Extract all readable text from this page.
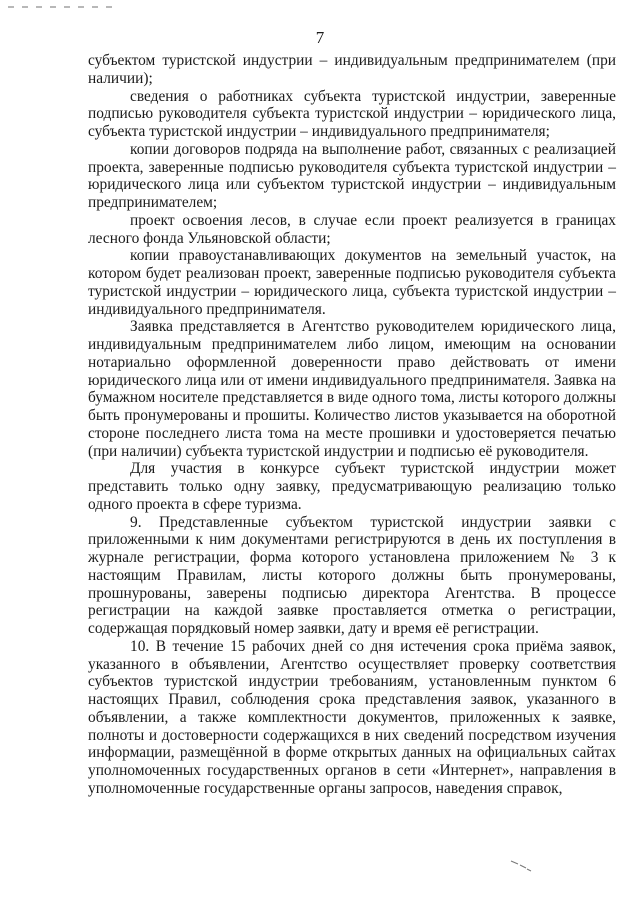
7

субъектом туристской индустрии – индивидуальным предпринимателем (при наличии);

сведения о работниках субъекта туристской индустрии, заверенные подписью руководителя субъекта туристской индустрии – юридического лица, субъекта туристской индустрии – индивидуального предпринимателя;

копии договоров подряда на выполнение работ, связанных с реализацией проекта, заверенные подписью руководителя субъекта туристской индустрии – юридического лица или субъектом туристской индустрии – индивидуальным предпринимателем;

проект освоения лесов, в случае если проект реализуется в границах лесного фонда Ульяновской области;

копии правоустанавливающих документов на земельный участок, на котором будет реализован проект, заверенные подписью руководителя субъекта туристской индустрии – юридического лица, субъекта туристской индустрии – индивидуального предпринимателя.

Заявка представляется в Агентство руководителем юридического лица, индивидуальным предпринимателем либо лицом, имеющим на основании нотариально оформленной доверенности право действовать от имени юридического лица или от имени индивидуального предпринимателя. Заявка на бумажном носителе представляется в виде одного тома, листы которого должны быть пронумерованы и прошиты. Количество листов указывается на оборотной стороне последнего листа тома на месте прошивки и удостоверяется печатью (при наличии) субъекта туристской индустрии и подписью её руководителя.

Для участия в конкурсе субъект туристской индустрии может представить только одну заявку, предусматривающую реализацию только одного проекта в сфере туризма.

9. Представленные субъектом туристской индустрии заявки с приложенными к ним документами регистрируются в день их поступления в журнале регистрации, форма которого установлена приложением № 3 к настоящим Правилам, листы которого должны быть пронумерованы, прошнурованы, заверены подписью директора Агентства. В процессе регистрации на каждой заявке проставляется отметка о регистрации, содержащая порядковый номер заявки, дату и время её регистрации.

10. В течение 15 рабочих дней со дня истечения срока приёма заявок, указанного в объявлении, Агентство осуществляет проверку соответствия субъектов туристской индустрии требованиям, установленным пунктом 6 настоящих Правил, соблюдения срока представления заявок, указанного в объявлении, а также комплектности документов, приложенных к заявке, полноты и достоверности содержащихся в них сведений посредством изучения информации, размещённой в форме открытых данных на официальных сайтах уполномоченных государственных органов в сети «Интернет», направления в уполномоченные государственные органы запросов, наведения справок,
